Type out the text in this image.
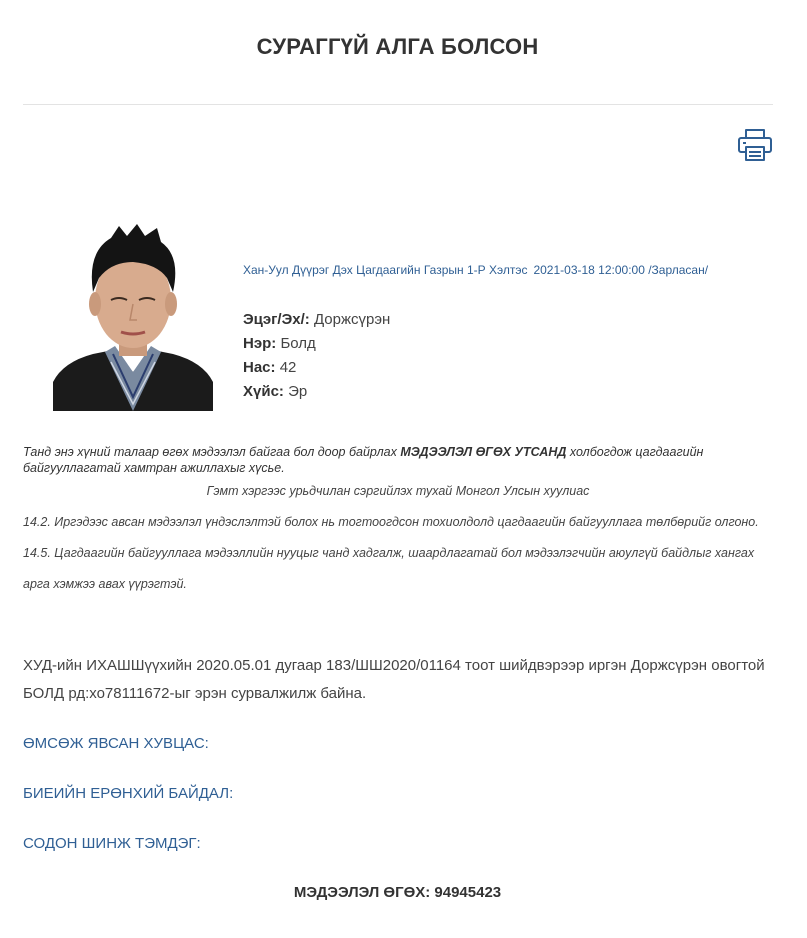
СУРАГГҮЙ АЛГА БОЛСОН
Хан-Уул Дүүрэг Дэх Цагдаагийн Газрын 1-Р Хэлтэс 2021-03-18 12:00:00 /Зарласан/
Эцэг/Эх/: Доржсүрэн
Нэр: Болд
Нас: 42
Хүйс: Эр
Танд энэ хүний талаар өгөх мэдээлэл байгаа бол доор байрлах МЭДЭЭЛЭЛ ӨГӨХ УТСАНД холбогдож цагдаагийн байгууллагатай хамтран ажиллахыг хүсье.
Гэмт хэргээс урьдчилан сэргийлэх тухай Монгол Улсын хуулиас

14.2. Иргэдээс авсан мэдээлэл үндэслэлтэй болох нь тогтоогдсон тохиолдолд цагдаагийн байгууллага төлбөрийг олгоно.

14.5. Цагдаагийн байгууллага мэдээллийн нууцыг чанд хадгалж, шаардлагатай бол мэдээлэгчийн аюулгүй байдлыг хангах арга хэмжээ авах үүрэгтэй.

ХУД-ийн ИХАШШүүхийн 2020.05.01 дугаар 183/ШШ2020/01164 тоот шийдвэрээр иргэн Доржсүрэн овогтой БОЛД рд:хо78111672-ыг эрэн сурвалжилж байна.
ӨМСӨЖ ЯВСАН ХУВЦАС:
БИЕИЙН ЕРӨНХИЙ БАЙДАЛ:
СОДОН ШИНЖ ТЭМДЭГ:
МЭДЭЭЛЭЛ ӨГӨХ: 94945423
